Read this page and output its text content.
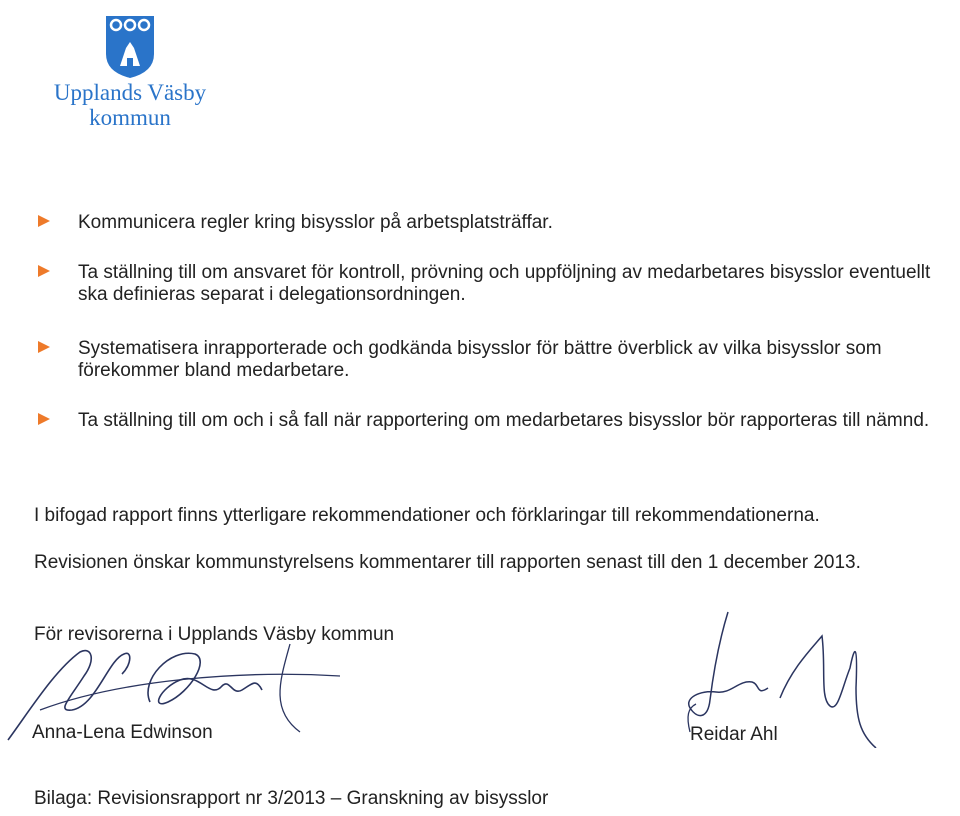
Upplands Väsby
kommun
Kommunicera regler kring bisysslor på arbetsplatsträffar.
Ta ställning till om ansvaret för kontroll, prövning och uppföljning av medarbetares bisysslor eventuellt ska definieras separat i delegationsordningen.
Systematisera inrapporterade och godkända bisysslor för bättre överblick av vilka bisysslor som förekommer bland medarbetare.
Ta ställning till om och i så fall när rapportering om medarbetares bisysslor bör rapporteras till nämnd.
I bifogad rapport finns ytterligare rekommendationer och förklaringar till rekommendationerna.
Revisionen önskar kommunstyrelsens kommentarer till rapporten senast till den 1 december 2013.
För revisorerna i Upplands Väsby kommun
Anna-Lena Edwinson	Reidar Ahl
Bilaga: Revisionsrapport nr 3/2013 – Granskning av bisysslor
